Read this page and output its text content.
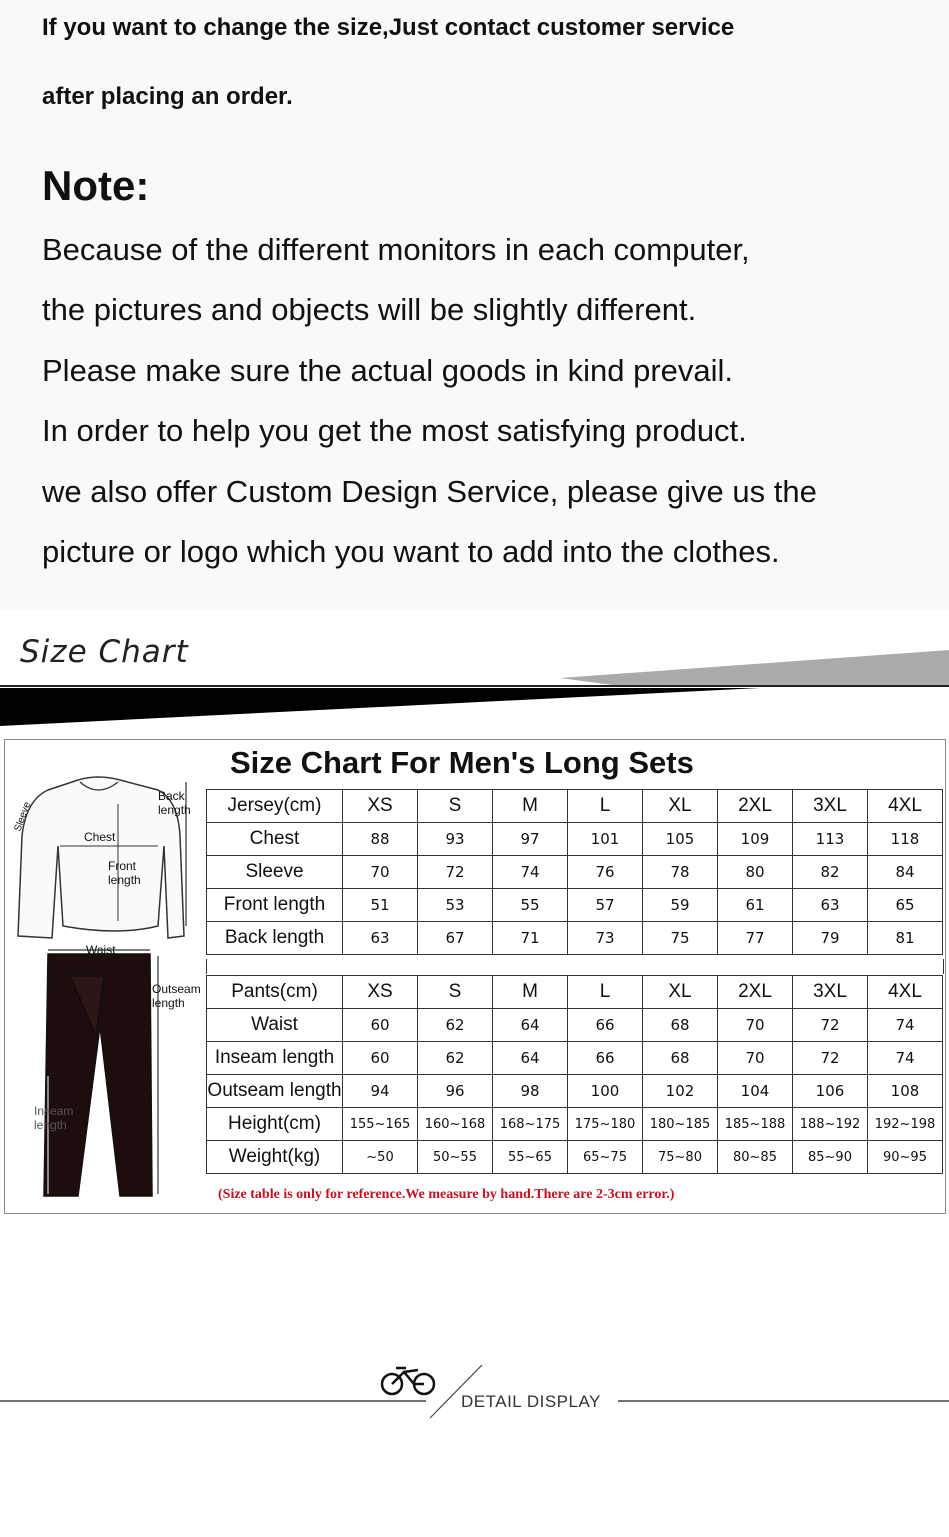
If you want to change the size,Just contact customer service
after placing an order.
Note:
Because of the different monitors in each computer,
the pictures and objects will be slightly different.
Please make sure the actual goods in kind prevail.
In order to help you get the most satisfying product.
we also offer Custom Design Service, please give us the
picture or logo which you want to add into the clothes.
Size Chart
Size Chart For Men's Long Sets
Jersey(cm)	XS	S	M	L	XL	2XL	3XL	4XL
Chest	88	93	97	101	105	109	113	118
Sleeve	70	72	74	76	78	80	82	84
Front length	51	53	55	57	59	61	63	65
Back length	63	67	71	73	75	77	79	81
Pants(cm)	XS	S	M	L	XL	2XL	3XL	4XL
Waist	60	62	64	66	68	70	72	74
Inseam length	60	62	64	66	68	70	72	74
Outseam length	94	96	98	100	102	104	106	108
Height(cm)	155~165	160~168	168~175	175~180	180~185	185~188	188~192	192~198
Weight(kg)	~50	50~55	55~65	65~75	75~80	80~85	85~90	90~95
(Size table is only for reference.We measure by hand.There are 2-3cm error.)
Sleeve
Chest
Back length
Front length
Waist
Outseam length
Inseam length
DETAIL DISPLAY
